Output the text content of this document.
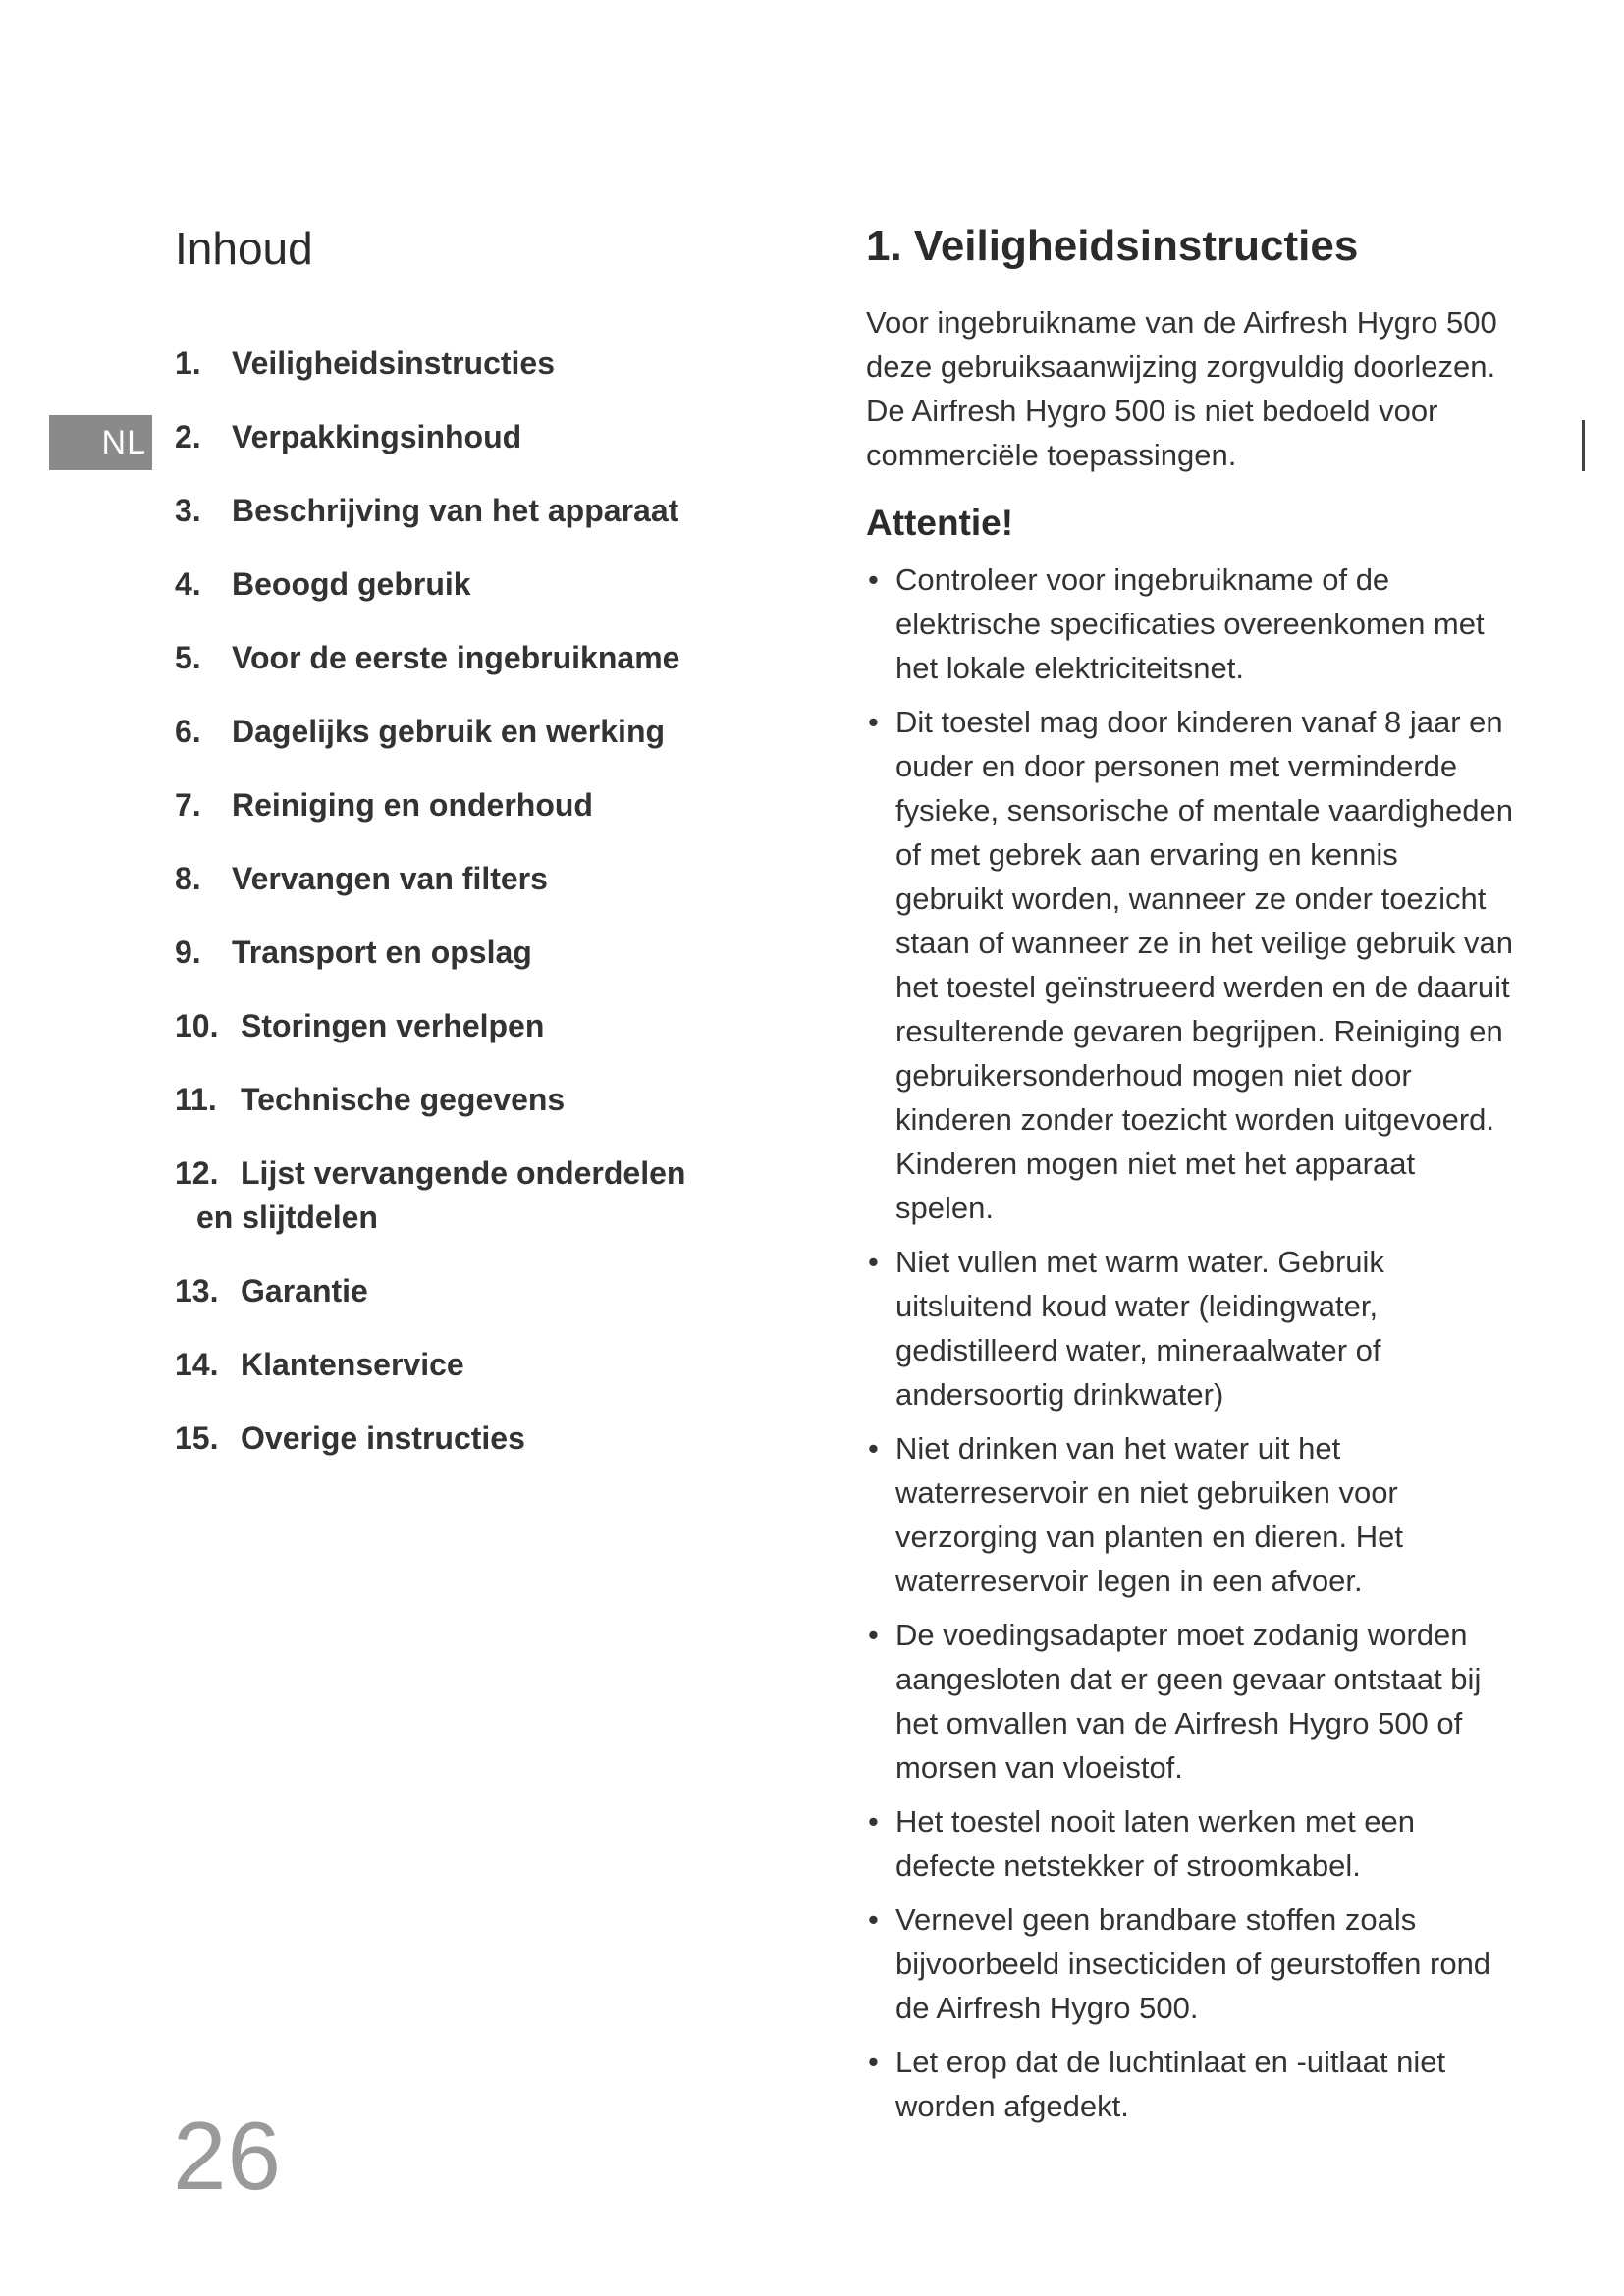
Inhoud
NL
1. Veiligheidsinstructies
2. Verpakkingsinhoud
3. Beschrijving van het apparaat
4. Beoogd gebruik
5. Voor de eerste ingebruikname
6. Dagelijks gebruik en werking
7. Reiniging en onderhoud
8. Vervangen van filters
9. Transport en opslag
10. Storingen verhelpen
11. Technische gegevens
12. Lijst vervangende onderdelen
en slijtdelen
13. Garantie
14. Klantenservice
15. Overige instructies
26
1. Veiligheidsinstructies

Voor ingebruikname van de Airfresh Hygro 500 deze gebruiksaanwijzing zorgvuldig doorlezen. De Airfresh Hygro 500 is niet bedoeld voor commerciële toepassingen.

Attentie!
• Controleer voor ingebruikname of de elektrische specificaties overeenkomen met het lokale elektriciteitsnet.
• Dit toestel mag door kinderen vanaf 8 jaar en ouder en door personen met verminderde fysieke, sensorische of mentale vaardigheden of met gebrek aan ervaring en kennis gebruikt worden, wanneer ze onder toezicht staan of wanneer ze in het veilige gebruik van het toestel geïnstrueerd werden en de daaruit resulterende gevaren begrijpen. Reiniging en gebruikersonderhoud mogen niet door kinderen zonder toezicht worden uitgevoerd. Kinderen mogen niet met het apparaat spelen.
• Niet vullen met warm water. Gebruik uitsluitend koud water (leidingwater, gedistilleerd water, mineraalwater of andersoortig drinkwater)
• Niet drinken van het water uit het waterreservoir en niet gebruiken voor verzorging van planten en dieren. Het waterreservoir legen in een afvoer.
• De voedingsadapter moet zodanig worden aangesloten dat er geen gevaar ontstaat bij het omvallen van de Airfresh Hygro 500 of morsen van vloeistof.
• Het toestel nooit laten werken met een defecte netstekker of stroomkabel.
• Vernevel geen brandbare stoffen zoals bijvoorbeeld insecticiden of geurstoffen rond de Airfresh Hygro 500.
• Let erop dat de luchtinlaat en -uitlaat niet worden afgedekt.
